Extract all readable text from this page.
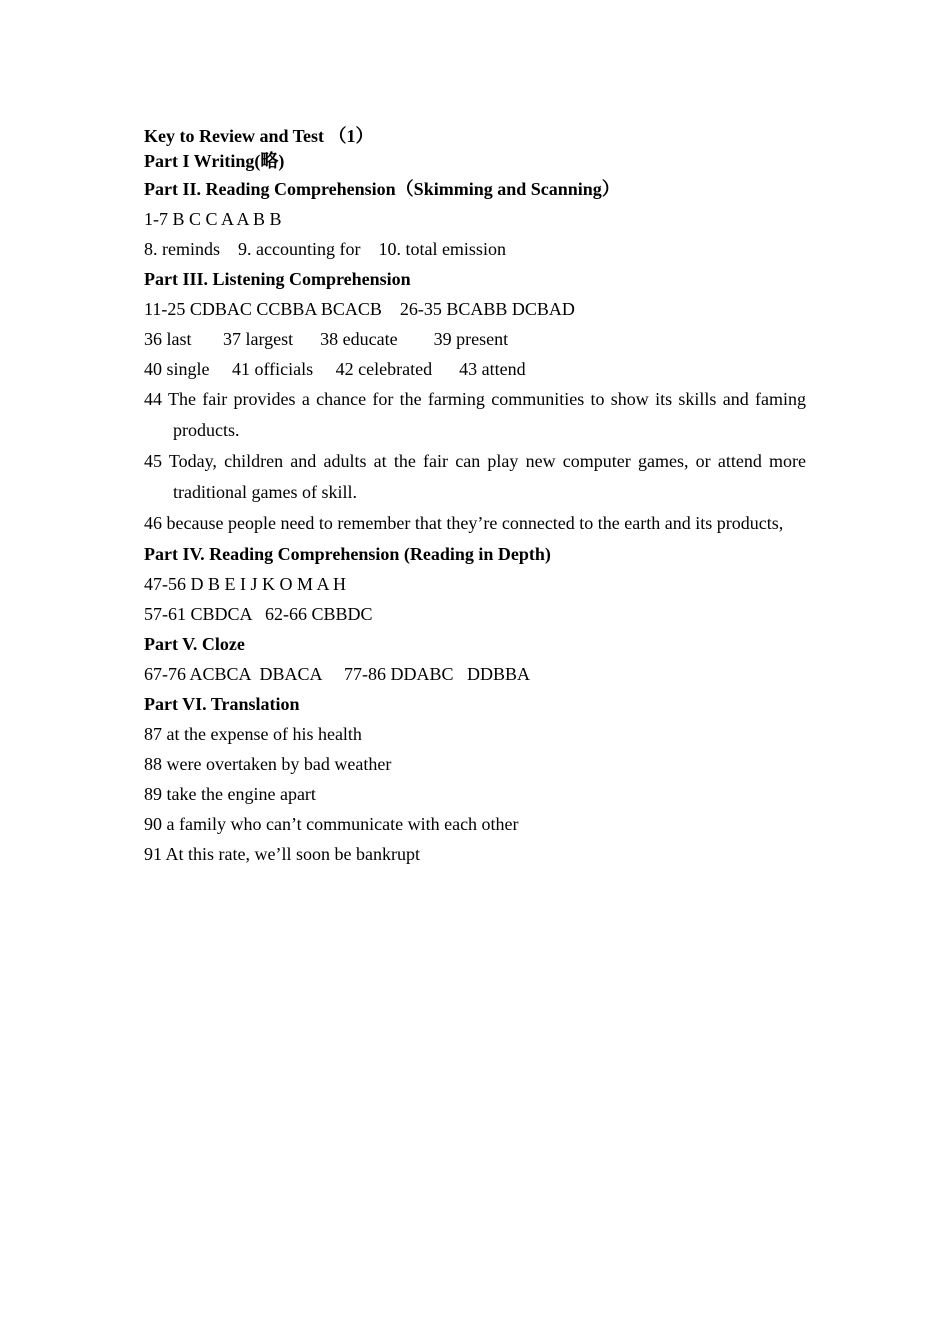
Key to Review and Test （1）
Part I Writing(略)
Part II. Reading Comprehension（Skimming and Scanning）
1-7 B C C A A B B
8. reminds    9. accounting for    10. total emission
Part III. Listening Comprehension
11-25 CDBAC CCBBA BCACB    26-35 BCABB DCBAD
36 last       37 largest      38 educate        39 present
40 single     41 officials     42 celebrated      43 attend
44 The fair provides a chance for the farming communities to show its skills and faming products.
45 Today, children and adults at the fair can play new computer games, or attend more traditional games of skill.
46 because people need to remember that they’re connected to the earth and its products,
Part IV. Reading Comprehension (Reading in Depth)
47-56 D B E I J K O M A H
57-61 CBDCA   62-66 CBBDC
Part V. Cloze
67-76 ACBCA  DBACA     77-86 DDABC   DDBBA
Part VI. Translation
87 at the expense of his health
88 were overtaken by bad weather
89 take the engine apart
90 a family who can’t communicate with each other
91 At this rate, we’ll soon be bankrupt
